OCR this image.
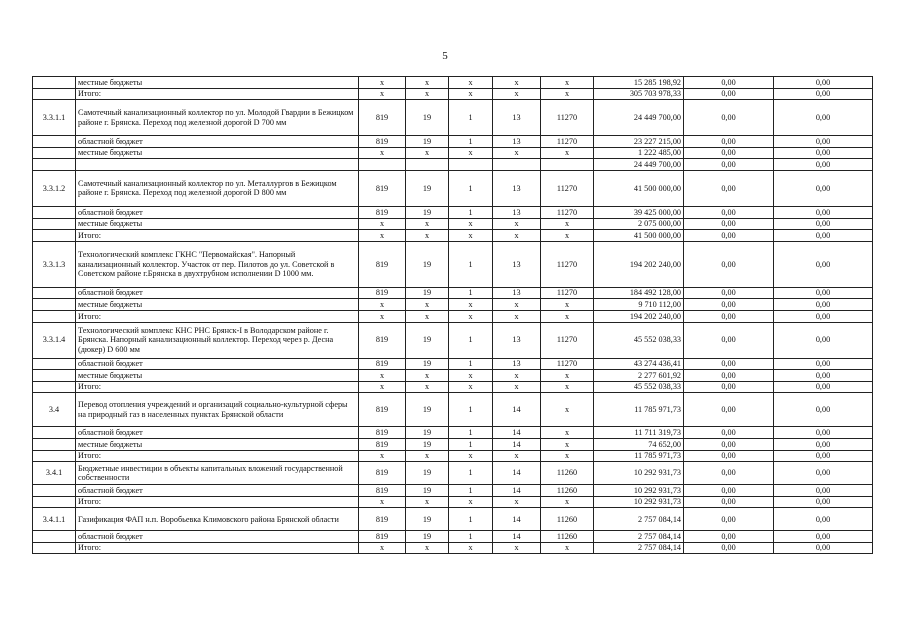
5
	местные бюджеты	x	x	x	x	x	15 285 198,92	0,00	0,00
	Итого:	x	x	x	x	x	305 703 978,33	0,00	0,00
3.3.1.1	Самотечный канализационный коллектор по ул. Молодой Гвардии в Бежицком районе г. Брянска. Переход под железной дорогой D 700 мм	819	19	1	13	11270	24 449 700,00	0,00	0,00
	областной бюджет	819	19	1	13	11270	23 227 215,00	0,00	0,00
	местные бюджеты	x	x	x	x	x	1 222 485,00	0,00	0,00
							24 449 700,00	0,00	0,00
3.3.1.2	Самотечный канализационный коллектор по ул. Металлургов в Бежицком районе г. Брянска. Переход под железной дорогой D 800 мм	819	19	1	13	11270	41 500 000,00	0,00	0,00
	областной бюджет	819	19	1	13	11270	39 425 000,00	0,00	0,00
	местные бюджеты	x	x	x	x	x	2 075 000,00	0,00	0,00
	Итого:	x	x	x	x	x	41 500 000,00	0,00	0,00
3.3.1.3	Технологический комплекс ГКНС "Первомайская". Напорный канализационный коллектор. Участок от пер. Пилотов до ул. Советской в Советском районе г.Брянска в двухтрубном исполнении D 1000 мм.	819	19	1	13	11270	194 202 240,00	0,00	0,00
	областной бюджет	819	19	1	13	11270	184 492 128,00	0,00	0,00
	местные бюджеты	x	x	x	x	x	9 710 112,00	0,00	0,00
	Итого:	x	x	x	x	x	194 202 240,00	0,00	0,00
3.3.1.4	Технологический комплекс КНС РНС Брянск-I в Володарском районе г. Брянска. Напорный канализационный коллектор. Переход через р. Десна (дюкер) D 600 мм	819	19	1	13	11270	45 552 038,33	0,00	0,00
	областной бюджет	819	19	1	13	11270	43 274 436,41	0,00	0,00
	местные бюджеты	x	x	x	x	x	2 277 601,92	0,00	0,00
	Итого:	x	x	x	x	x	45 552 038,33	0,00	0,00
3.4	Перевод отопления учреждений и организаций социально-культурной сферы на природный газ в населенных пунктах Брянской области	819	19	1	14	x	11 785 971,73	0,00	0,00
	областной бюджет	819	19	1	14	x	11 711 319,73	0,00	0,00
	местные бюджеты	819	19	1	14	x	74 652,00	0,00	0,00
	Итого:	x	x	x	x	x	11 785 971,73	0,00	0,00
3.4.1	Бюджетные инвестиции в объекты капитальных вложений государственной собственности	819	19	1	14	11260	10 292 931,73	0,00	0,00
	областной бюджет	819	19	1	14	11260	10 292 931,73	0,00	0,00
	Итого:	x	x	x	x	x	10 292 931,73	0,00	0,00
3.4.1.1	Газификация ФАП н.п. Воробьевка Климовского района Брянской области	819	19	1	14	11260	2 757 084,14	0,00	0,00
	областной бюджет	819	19	1	14	11260	2 757 084,14	0,00	0,00
	Итого:	x	x	x	x	x	2 757 084,14	0,00	0,00
